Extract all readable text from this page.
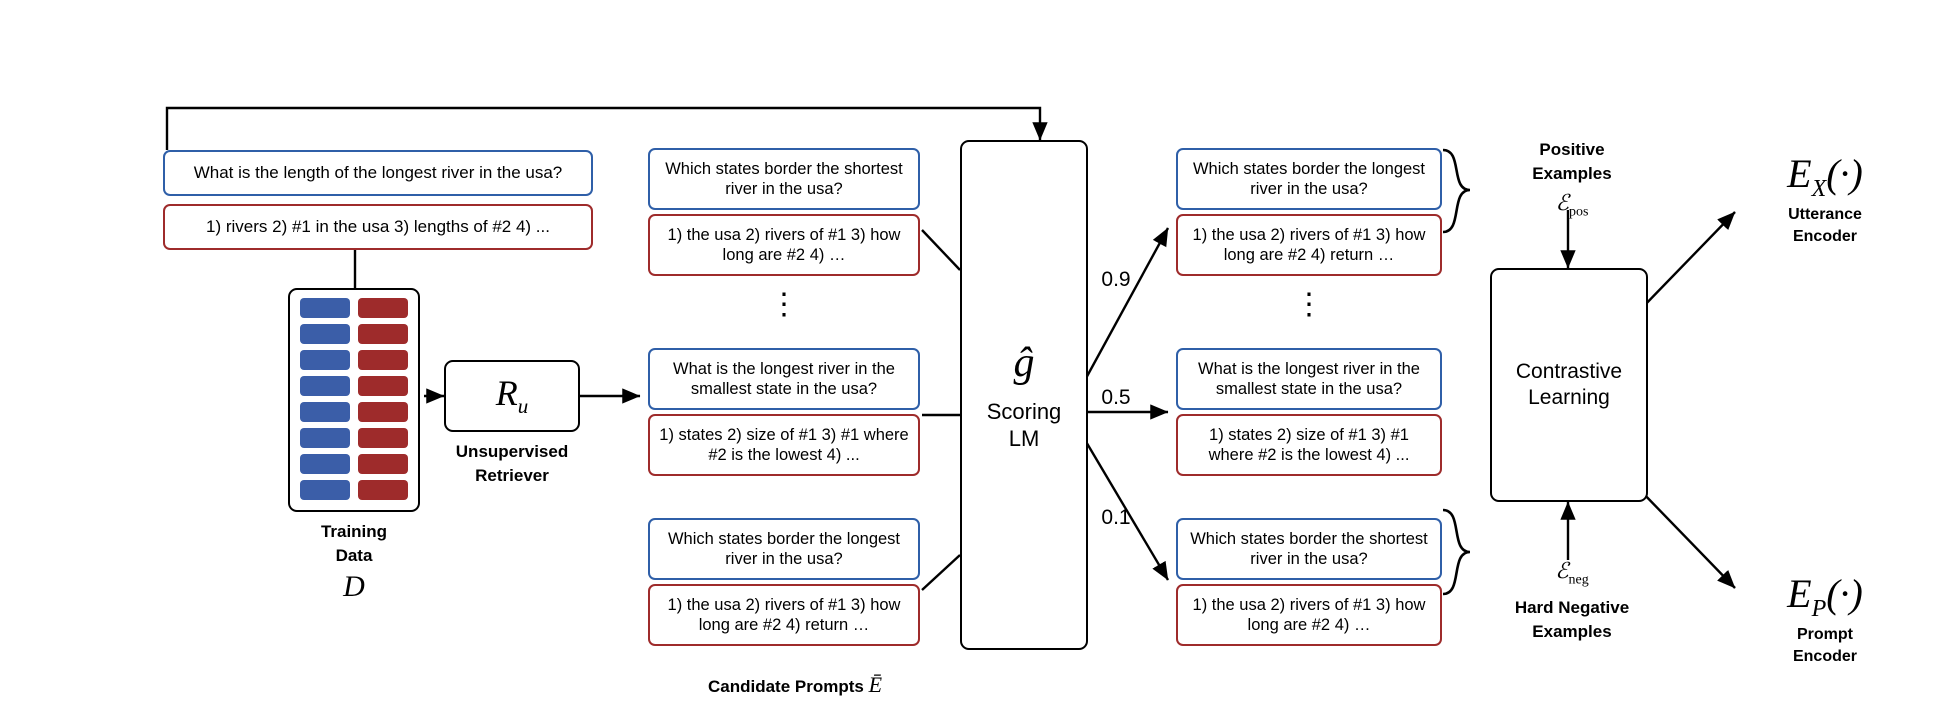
What is the length of the longest river in the usa?
1) rivers 2) #1 in the usa 3) lengths of #2 4) ...
Training
Data
D
$R_u$
Unsupervised
Retriever
Which states border the shortest river in the usa?
1) the usa 2) rivers of #1 3) how long are #2 4) …
⋮
What is the longest river in the smallest state in the usa?
1) states 2) size of #1 3) #1 where #2 is the lowest 4) ...
Which states border the longest river in the usa?
1) the usa 2) rivers of #1 3) how long are #2 4) return …
Candidate Prompts Ē
ĝ
Scoring
LM
0.9
0.5
0.1
Which states border the longest river in the usa?
1) the usa 2) rivers of #1 3) how long are #2 4) return …
⋮
What is the longest river in the smallest state in the usa?
1) states 2) size of #1 3) #1 where #2 is the lowest 4) ...
Which states border the shortest river in the usa?
1) the usa 2) rivers of #1 3) how long are #2 4) …
Positive
Examples
ℰ$_{pos}$
ℰ$_{neg}$
Hard Negative
Examples
Contrastive
Learning
$E_X(\cdot)$
Utterance
Encoder
$E_P(\cdot)$
Prompt
Encoder
